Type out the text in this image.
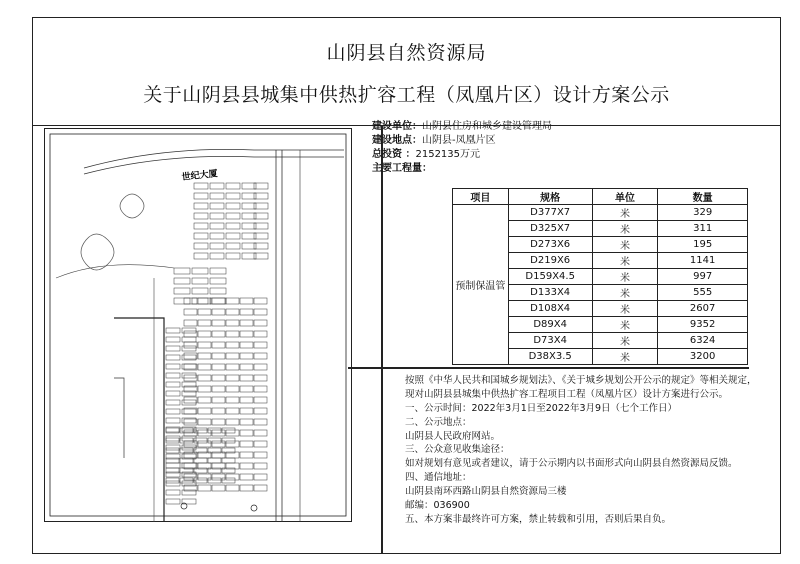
山阴县自然资源局
关于山阴县县城集中供热扩容工程（凤凰片区）设计方案公示
世纪大厦
建设单位：山阴县住房和城乡建设管理局
建设地点：山阴县-凤凰片区
总投资 ：2152135万元
主要工程量：
项目	规格	单位	数量
预制保温管	D377X7	米	329
	D325X7	米	311
	D273X6	米	195
	D219X6	米	1141
	D159X4.5	米	997
	D133X4	米	555
	D108X4	米	2607
	D89X4	米	9352
	D73X4	米	6324
	D38X3.5	米	3200
按照《中华人民共和国城乡规划法》、《关于城乡规划公开公示的规定》等相关规定，
现对山阴县县城集中供热扩容工程项目工程（凤凰片区）设计方案进行公示。
一、公示时间：2022年3月1日至2022年3月9日（七个工作日）
二、公示地点：
山阴县人民政府网站。
三、公众意见收集途径：
如对规划有意见或者建议，请于公示期内以书面形式向山阴县自然资源局反馈。
四、通信地址：
山阴县南环西路山阴县自然资源局三楼
邮编：036900
五、本方案非最终许可方案，禁止转载和引用，否则后果自负。
